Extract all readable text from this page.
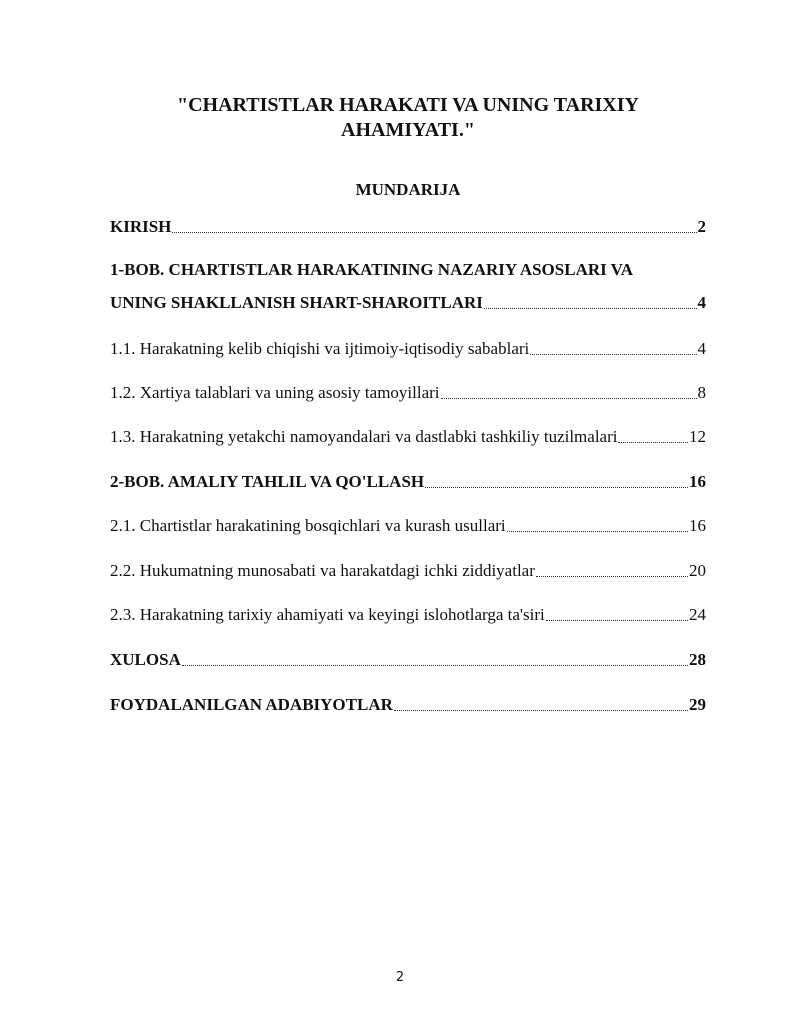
"CHARTISTLAR HARAKATI VA UNING TARIXIY
AHAMIYATI."
MUNDARIJA
KIRISH	2
1-BOB. CHARTISTLAR HARAKATINING NAZARIY ASOSLARI VA
UNING SHAKLLANISH SHART-SHAROITLARI	4
1.1. Harakatning kelib chiqishi va ijtimoiy-iqtisodiy sabablari	4
1.2. Xartiya talablari va uning asosiy tamoyillari	8
1.3. Harakatning yetakchi namoyandalari va dastlabki tashkiliy tuzilmalari	12
2-BOB. AMALIY TAHLIL VA QO'LLASH	16
2.1. Chartistlar harakatining bosqichlari va kurash usullari	16
2.2. Hukumatning munosabati va harakatdagi ichki ziddiyatlar	20
2.3. Harakatning tarixiy ahamiyati va keyingi islohotlarga ta'siri	24
XULOSA	28
FOYDALANILGAN ADABIYOTLAR	29
2
